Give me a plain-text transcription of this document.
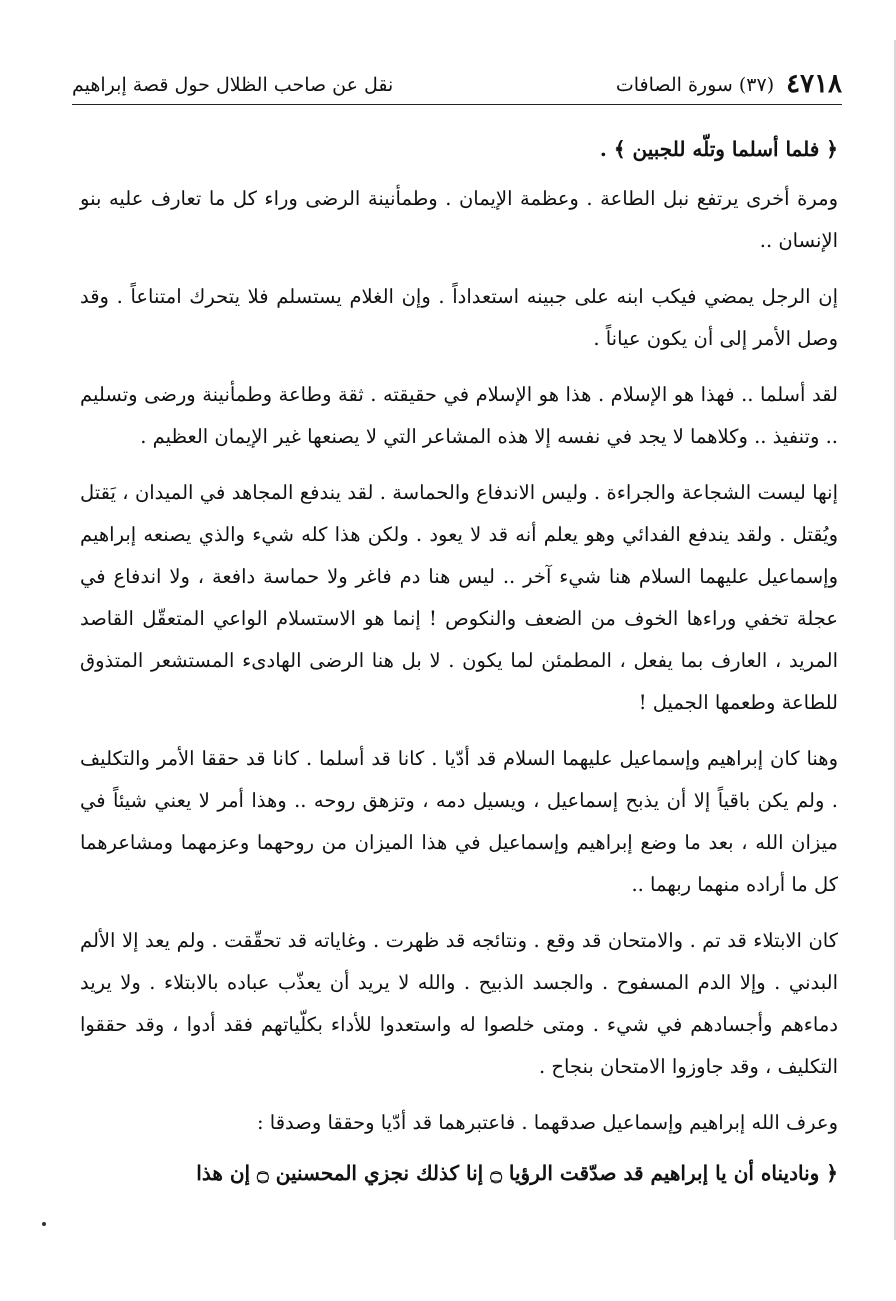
٤٧١٨
(٣٧) سورة الصافات
نقل عن صاحب الظلال حول قصة إبراهيم

﴿ فلما أسلما وتلّه للجبين ﴾ .

ومرة أخرى يرتفع نبل الطاعة . وعظمة الإيمان . وطمأنينة الرضى وراء كل ما تعارف عليه بنو الإنسان ..

إن الرجل يمضي فيكب ابنه على جبينه استعداداً . وإن الغلام يستسلم فلا يتحرك امتناعاً . وقد وصل الأمر إلى أن يكون عياناً .

لقد أسلما .. فهذا هو الإسلام . هذا هو الإسلام في حقيقته . ثقة وطاعة وطمأنينة ورضى وتسليم .. وتنفيذ .. وكلاهما لا يجد في نفسه إلا هذه المشاعر التي لا يصنعها غير الإيمان العظيم .

إنها ليست الشجاعة والجراءة . وليس الاندفاع والحماسة . لقد يندفع المجاهد في الميدان ، يَقتل ويُقتل . ولقد يندفع الفدائي وهو يعلم أنه قد لا يعود . ولكن هذا كله شيء والذي يصنعه إبراهيم وإسماعيل عليهما السلام هنا شيء آخر .. ليس هنا دم فاغر ولا حماسة دافعة ، ولا اندفاع في عجلة تخفي وراءها الخوف من الضعف والنكوص ! إنما هو الاستسلام الواعي المتعقّل القاصد المريد ، العارف بما يفعل ، المطمئن لما يكون . لا بل هنا الرضى الهادىء المستشعر المتذوق للطاعة وطعمها الجميل !

وهنا كان إبراهيم وإسماعيل عليهما السلام قد أدّيا . كانا قد أسلما . كانا قد حققا الأمر والتكليف . ولم يكن باقياً إلا أن يذبح إسماعيل ، ويسيل دمه ، وتزهق روحه .. وهذا أمر لا يعني شيئاً في ميزان الله ، بعد ما وضع إبراهيم وإسماعيل في هذا الميزان من روحهما وعزمهما ومشاعرهما كل ما أراده منهما ربهما ..

كان الابتلاء قد تم . والامتحان قد وقع . ونتائجه قد ظهرت . وغاياته قد تحقّقت . ولم يعد إلا الألم البدني . وإلا الدم المسفوح . والجسد الذبيح . والله لا يريد أن يعذّب عباده بالابتلاء . ولا يريد دماءهم وأجسادهم في شيء . ومتى خلصوا له واستعدوا للأداء بكلّياتهم فقد أدوا ، وقد حققوا التكليف ، وقد جاوزوا الامتحان بنجاح .

وعرف الله إبراهيم وإسماعيل صدقهما . فاعتبرهما قد أدّيا وحققا وصدقا :

﴿ وناديناه أن يا إبراهيم قد صدّقت الرؤيا ۝ إنا كذلك نجزي المحسنين ۝ إن هذا
